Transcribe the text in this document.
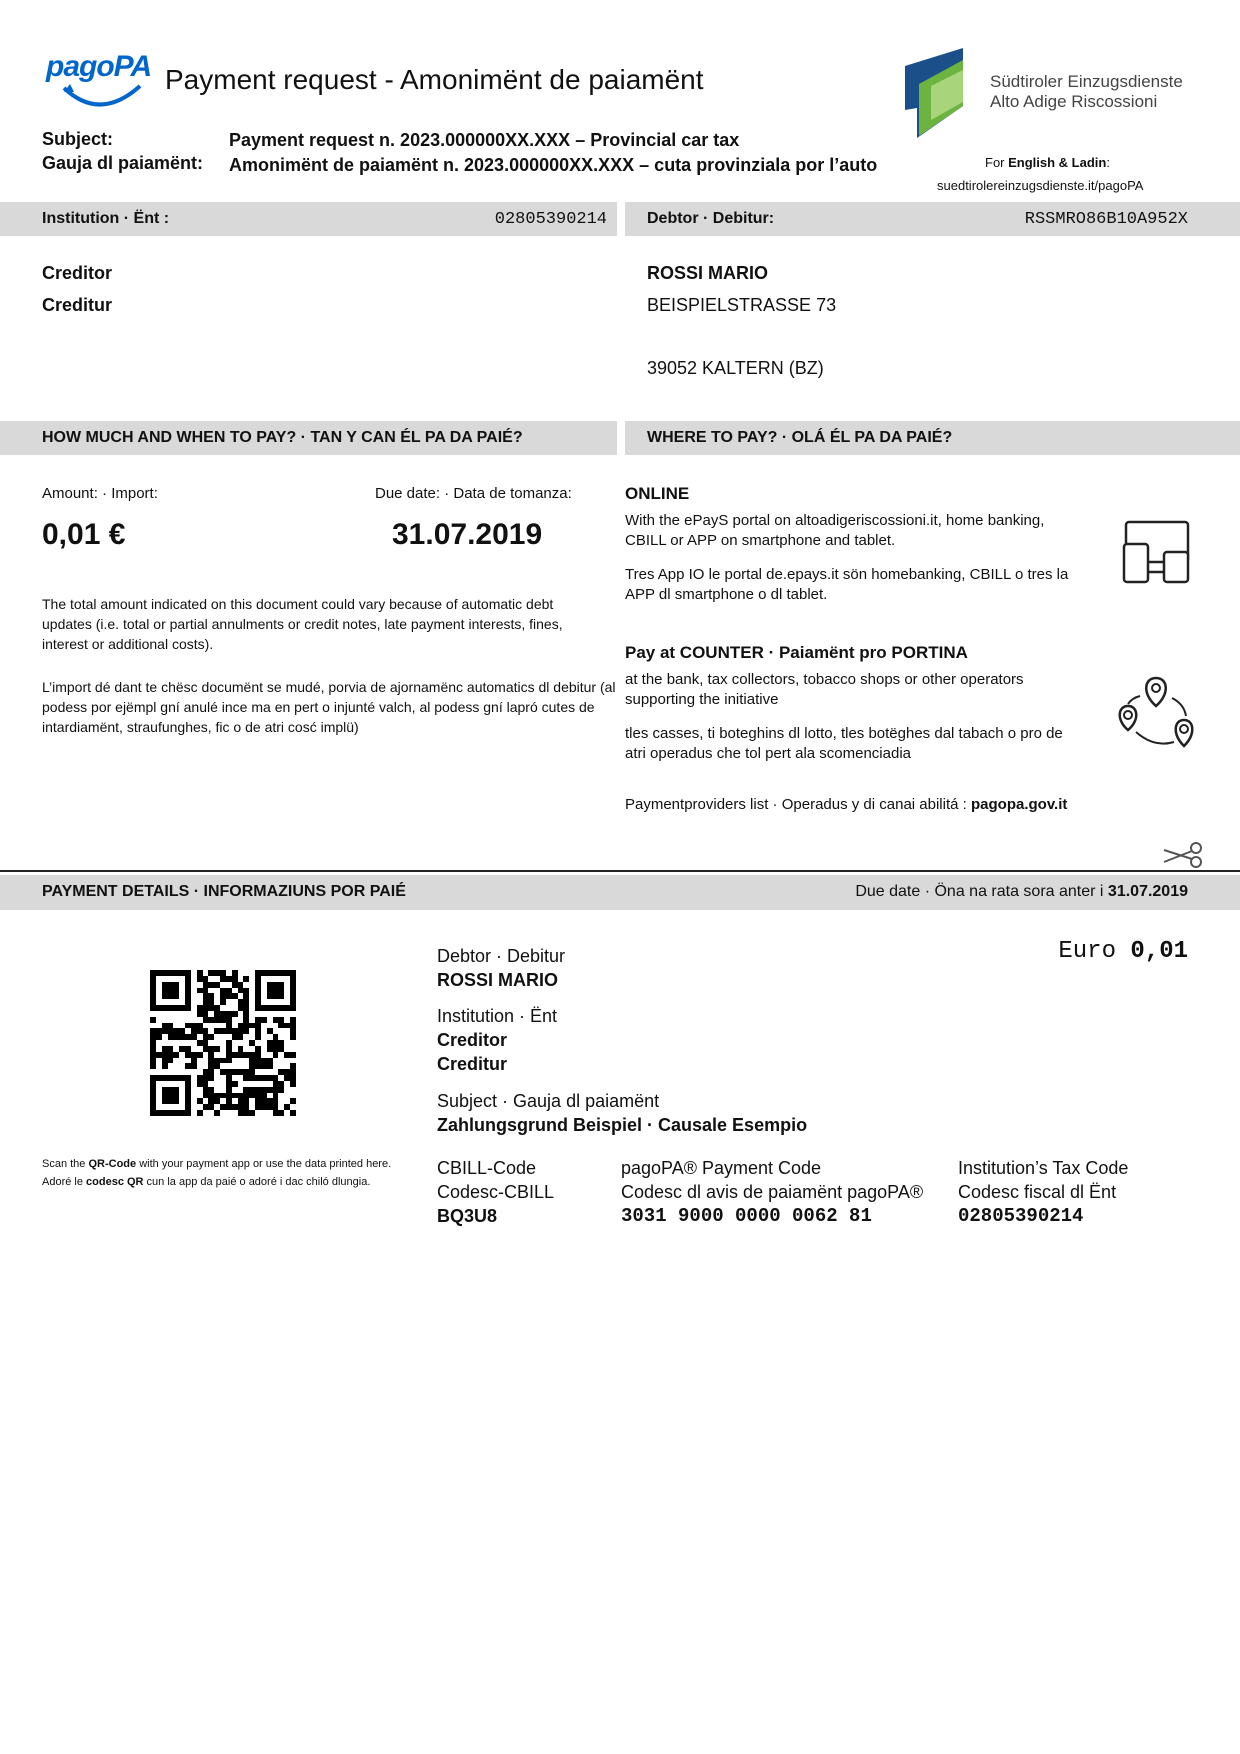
pagoPA Payment request - Amonimënt de paiamënt	Südtiroler Einzugsdienste
Alto Adige Riscossioni
Subject:
Gauja dl paiamënt:
Payment request n. 2023.000000XX.XXX – Provincial car tax
Amonimënt de paiamënt n. 2023.000000XX.XXX – cuta provinziala por l’auto	For English & Ladin:
suedtirolereinzugsdienste.it/pagoPA
Institution · Ënt :	02805390214	Debtor · Debitur:	RSSMRO86B10A952X
Creditor
Creditur
ROSSI MARIO
BEISPIELSTRASSE 73
39052 KALTERN (BZ)
HOW MUCH AND WHEN TO PAY? · TAN Y CAN ÉL PA DA PAIÉ?	WHERE TO PAY? · OLÁ ÉL PA DA PAIÉ?
Amount: · Import:
0,01 €
Due date: · Data de tomanza:
31.07.2019
The total amount indicated on this document could vary because of automatic debt updates (i.e. total or partial annulments or credit notes, late payment interests, fines, interest or additional costs).
L’import dé dant te chësc documënt se mudé, porvia de ajornamënc automatics dl debitur (al podess por ejëmpl gní anulé ince ma en pert o injunté valch, al podess gní lapró cutes de intardiamënt, straufunghes, fic o de atri cosć implü)
ONLINE
With the ePayS portal on altoadigeriscossioni.it, home banking, CBILL or APP on smartphone and tablet.
Tres App IO le portal de.epays.it sön homebanking, CBILL o tres la APP dl smartphone o dl tablet.
Pay at COUNTER · Paiamënt pro PORTINA
at the bank, tax collectors, tobacco shops or other operators supporting the initiative
tles casses, ti boteghins dl lotto, tles botëghes dal tabach o pro de atri operadus che tol pert ala scomenciadia
Paymentproviders list · Operadus y di canai abilitá : pagopa.gov.it
PAYMENT DETAILS · INFORMAZIUNS POR PAIÉ	Due date · Öna na rata sora anter i 31.07.2019
Euro 0,01
Debtor · Debitur
ROSSI MARIO
Institution · Ënt
Creditor
Creditur
Subject · Gauja dl paiamënt
Zahlungsgrund Beispiel · Causale Esempio
Scan the QR-Code with your payment app or use the data printed here.
Adoré le codesc QR cun la app da paié o adoré i dac chiló dlungia.
CBILL-Code
Codesc-CBILL
BQ3U8
pagoPA® Payment Code
Codesc dl avis de paiamënt pagoPA®
3031 9000 0000 0062 81
Institution’s Tax Code
Codesc fiscal dl Ënt
02805390214
